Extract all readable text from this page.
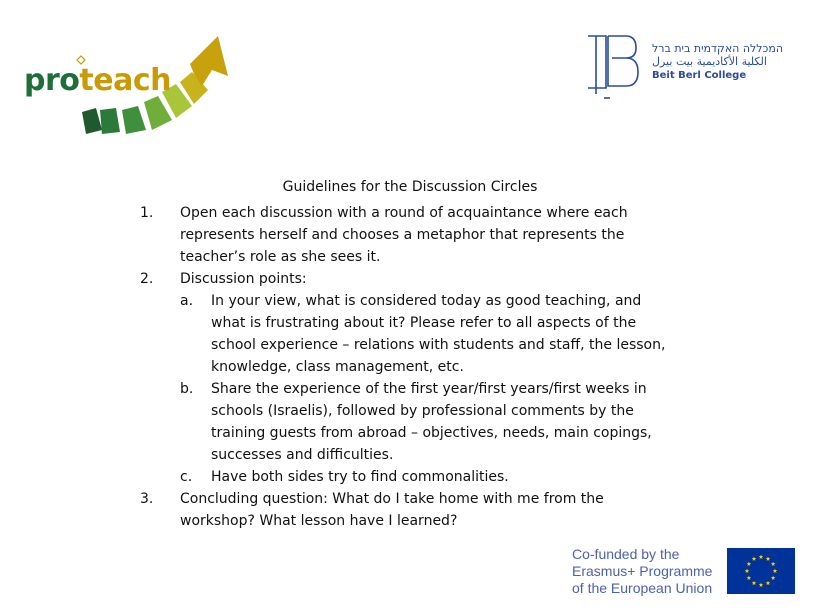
proteach
המכללה האקדמית בית ברל
الكلية الأكاديمية بيت بيرل
Beit Berl College
Guidelines for the Discussion Circles
1. Open each discussion with a round of acquaintance where each represents herself and chooses a metaphor that represents the teacher’s role as she sees it.
2. Discussion points:
a. In your view, what is considered today as good teaching, and what is frustrating about it? Please refer to all aspects of the school experience – relations with students and staff, the lesson, knowledge, class management, etc.
b. Share the experience of the first year/first years/first weeks in schools (Israelis), followed by professional comments by the training guests from abroad – objectives, needs, main copings, successes and difficulties.
c. Have both sides try to find commonalities.
3. Concluding question: What do I take home with me from the workshop? What lesson have I learned?
Co-funded by the
Erasmus+ Programme
of the European Union
